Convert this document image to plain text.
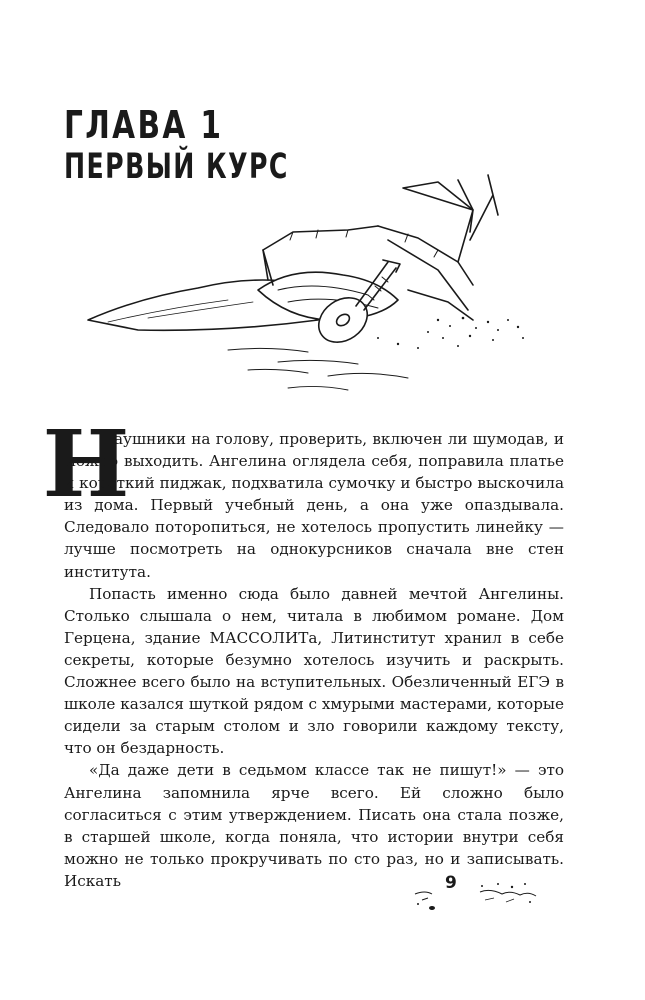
ГЛАВА 1
ПЕРВЫЙ КУРС
Н

аушники на голову, проверить, включен ли шумодав, и можно выходить. Ангелина оглядела себя, поправила платье и короткий пиджак, подхватила сумочку и быстро выскочила из дома. Первый учебный день, а она уже опаздывала. Следовало поторопиться, не хотелось пропустить линейку — лучше посмотреть на однокурсников сначала вне стен института.

Попасть именно сюда было давней мечтой Ангелины. Столько слышала о нем, читала в любимом романе. Дом Герцена, здание МАССОЛИТа, Литинститут хранил в себе секреты, которые безумно хотелось изучить и раскрыть. Сложнее всего было на вступительных. Обезличенный ЕГЭ в школе казался шуткой рядом с хмурыми мастерами, которые сидели за старым столом и зло говорили каждому тексту, что он бездарность.

«Да даже дети в седьмом классе так не пишут!» — это Ангелина запомнила ярче всего. Ей сложно было согласиться с этим утверждением. Писать она стала позже, в старшей школе, когда поняла, что истории внутри себя можно не только прокручивать по сто раз, но и записывать. Искать	9
